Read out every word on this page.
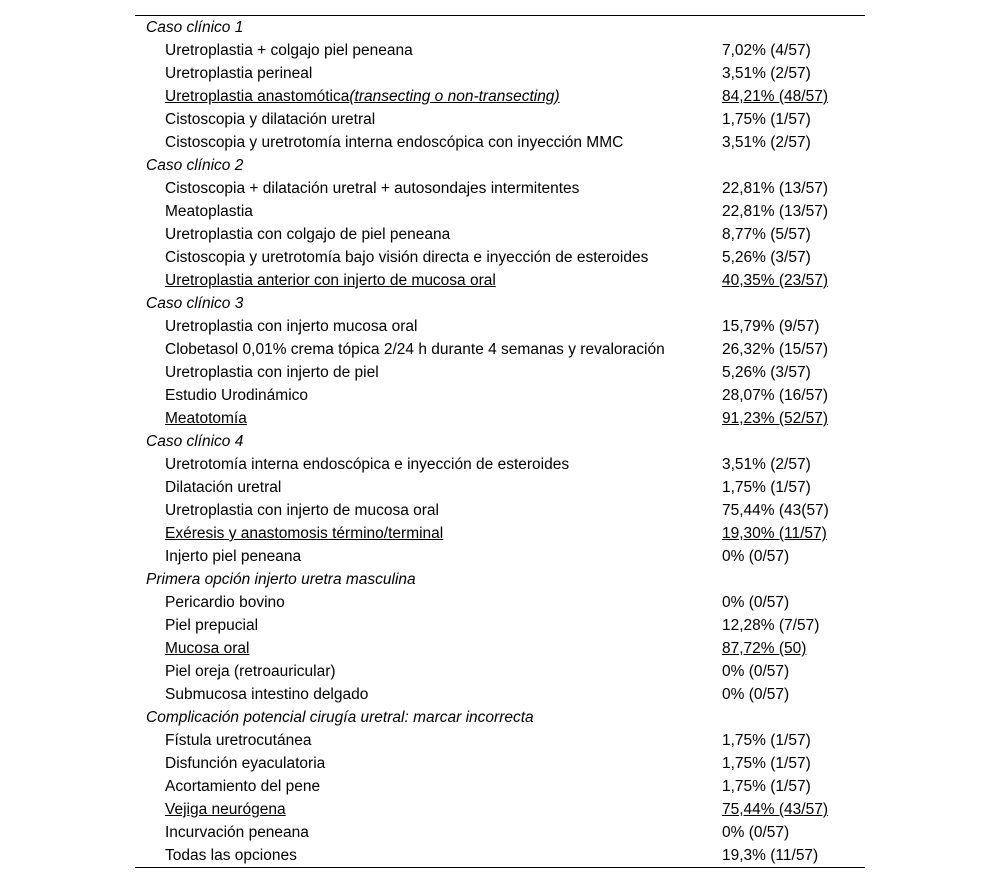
Caso clínico 1
Uretroplastia + colgajo piel peneana	7,02% (4/57)
Uretroplastia perineal	3,51% (2/57)
Uretroplastia anastomótica(transecting o non-transecting)	84,21% (48/57)
Cistoscopia y dilatación uretral	1,75% (1/57)
Cistoscopia y uretrotomía interna endoscópica con inyección MMC	3,51% (2/57)
Caso clínico 2
Cistoscopia + dilatación uretral + autosondajes intermitentes	22,81% (13/57)
Meatoplastia	22,81% (13/57)
Uretroplastia con colgajo de piel peneana	8,77% (5/57)
Cistoscopia y uretrotomía bajo visión directa e inyección de esteroides	5,26% (3/57)
Uretroplastia anterior con injerto de mucosa oral	40,35% (23/57)
Caso clínico 3
Uretroplastia con injerto mucosa oral	15,79% (9/57)
Clobetasol 0,01% crema tópica 2/24 h durante 4 semanas y revaloración	26,32% (15/57)
Uretroplastia con injerto de piel	5,26% (3/57)
Estudio Urodinámico	28,07% (16/57)
Meatotomía	91,23% (52/57)
Caso clínico 4
Uretrotomía interna endoscópica e inyección de esteroides	3,51% (2/57)
Dilatación uretral	1,75% (1/57)
Uretroplastia con injerto de mucosa oral	75,44% (43(57)
Exéresis y anastomosis término/terminal	19,30% (11/57)
Injerto piel peneana	0% (0/57)
Primera opción injerto uretra masculina
Pericardio bovino	0% (0/57)
Piel prepucial	12,28% (7/57)
Mucosa oral	87,72% (50)
Piel oreja (retroauricular)	0% (0/57)
Submucosa intestino delgado	0% (0/57)
Complicación potencial cirugía uretral: marcar incorrecta
Fístula uretrocutánea	1,75% (1/57)
Disfunción eyaculatoria	1,75% (1/57)
Acortamiento del pene	1,75% (1/57)
Vejiga neurógena	75,44% (43/57)
Incurvación peneana	0% (0/57)
Todas las opciones	19,3% (11/57)
